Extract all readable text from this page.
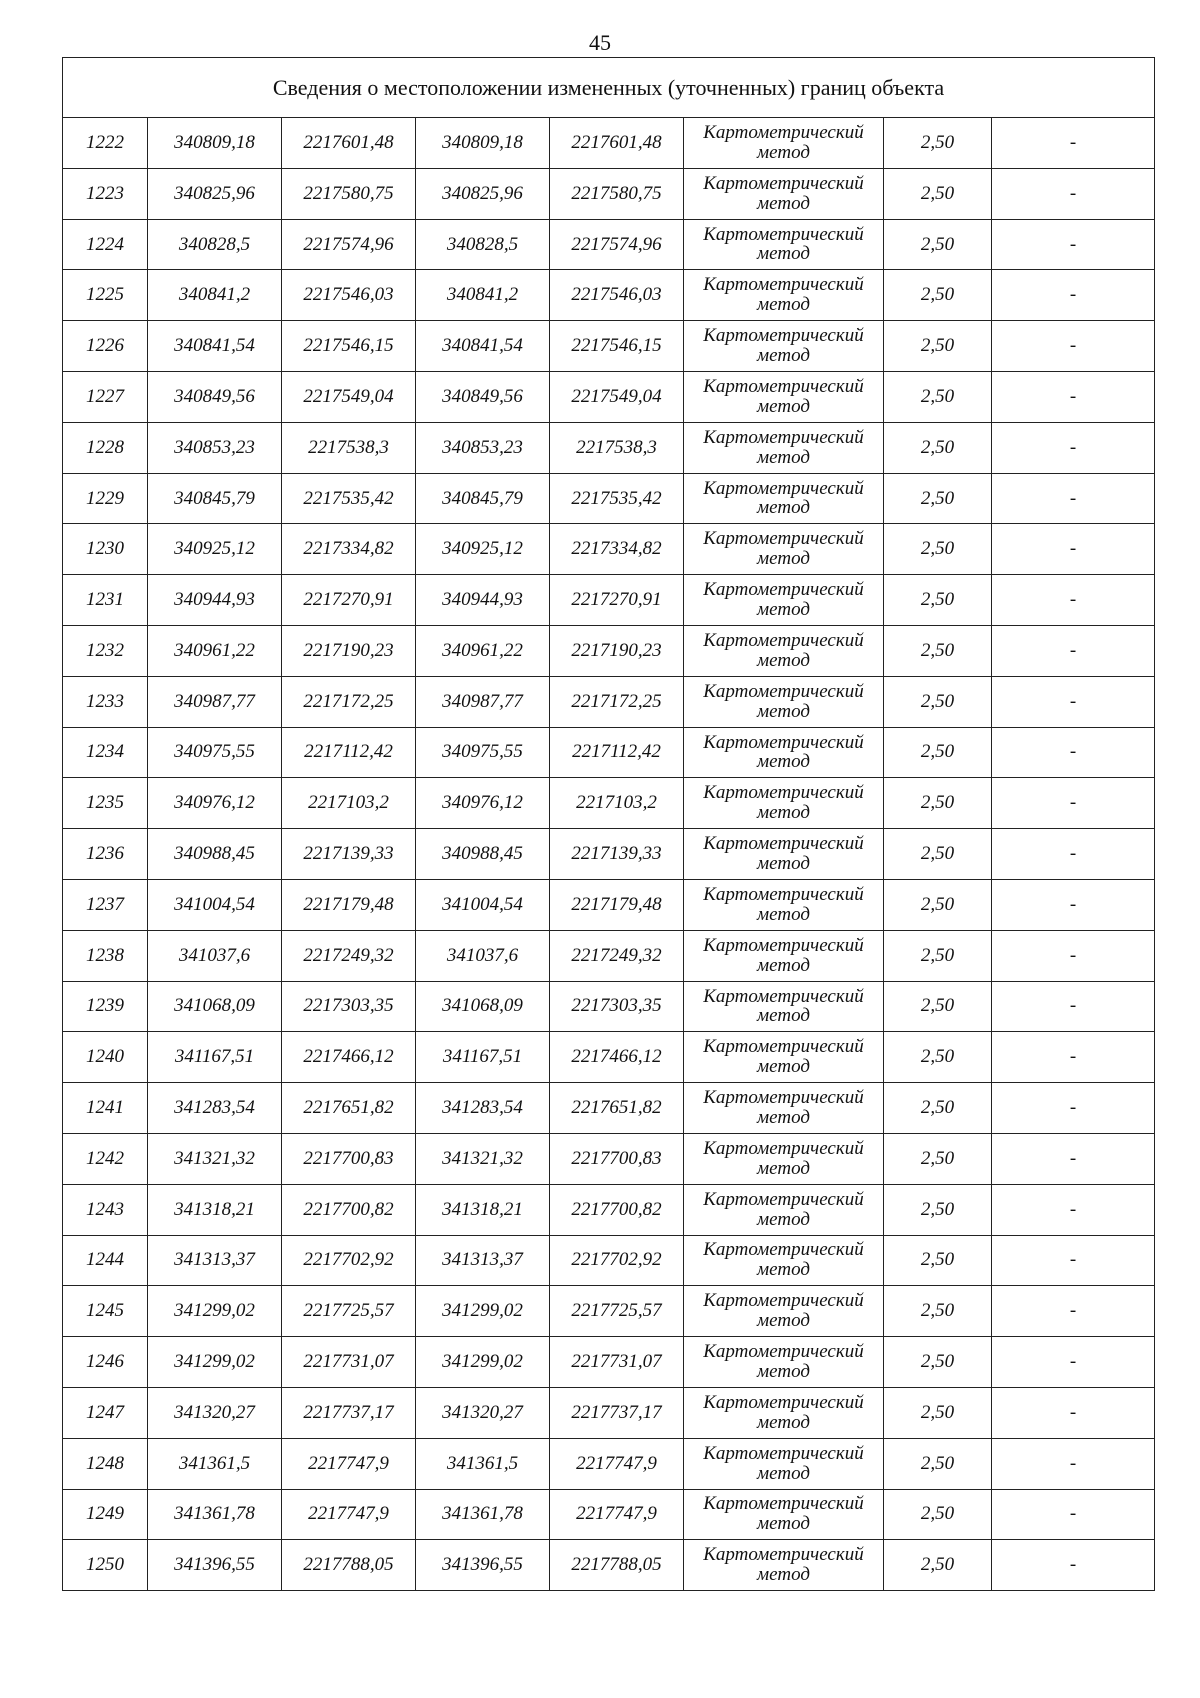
45
Сведения о местоположении измененных (уточненных) границ объекта							
1222	340809,18	2217601,48	340809,18	2217601,48	Картометрический метод	2,50	-
1223	340825,96	2217580,75	340825,96	2217580,75	Картометрический метод	2,50	-
1224	340828,5	2217574,96	340828,5	2217574,96	Картометрический метод	2,50	-
1225	340841,2	2217546,03	340841,2	2217546,03	Картометрический метод	2,50	-
1226	340841,54	2217546,15	340841,54	2217546,15	Картометрический метод	2,50	-
1227	340849,56	2217549,04	340849,56	2217549,04	Картометрический метод	2,50	-
1228	340853,23	2217538,3	340853,23	2217538,3	Картометрический метод	2,50	-
1229	340845,79	2217535,42	340845,79	2217535,42	Картометрический метод	2,50	-
1230	340925,12	2217334,82	340925,12	2217334,82	Картометрический метод	2,50	-
1231	340944,93	2217270,91	340944,93	2217270,91	Картометрический метод	2,50	-
1232	340961,22	2217190,23	340961,22	2217190,23	Картометрический метод	2,50	-
1233	340987,77	2217172,25	340987,77	2217172,25	Картометрический метод	2,50	-
1234	340975,55	2217112,42	340975,55	2217112,42	Картометрический метод	2,50	-
1235	340976,12	2217103,2	340976,12	2217103,2	Картометрический метод	2,50	-
1236	340988,45	2217139,33	340988,45	2217139,33	Картометрический метод	2,50	-
1237	341004,54	2217179,48	341004,54	2217179,48	Картометрический метод	2,50	-
1238	341037,6	2217249,32	341037,6	2217249,32	Картометрический метод	2,50	-
1239	341068,09	2217303,35	341068,09	2217303,35	Картометрический метод	2,50	-
1240	341167,51	2217466,12	341167,51	2217466,12	Картометрический метод	2,50	-
1241	341283,54	2217651,82	341283,54	2217651,82	Картометрический метод	2,50	-
1242	341321,32	2217700,83	341321,32	2217700,83	Картометрический метод	2,50	-
1243	341318,21	2217700,82	341318,21	2217700,82	Картометрический метод	2,50	-
1244	341313,37	2217702,92	341313,37	2217702,92	Картометрический метод	2,50	-
1245	341299,02	2217725,57	341299,02	2217725,57	Картометрический метод	2,50	-
1246	341299,02	2217731,07	341299,02	2217731,07	Картометрический метод	2,50	-
1247	341320,27	2217737,17	341320,27	2217737,17	Картометрический метод	2,50	-
1248	341361,5	2217747,9	341361,5	2217747,9	Картометрический метод	2,50	-
1249	341361,78	2217747,9	341361,78	2217747,9	Картометрический метод	2,50	-
1250	341396,55	2217788,05	341396,55	2217788,05	Картометрический метод	2,50	-
